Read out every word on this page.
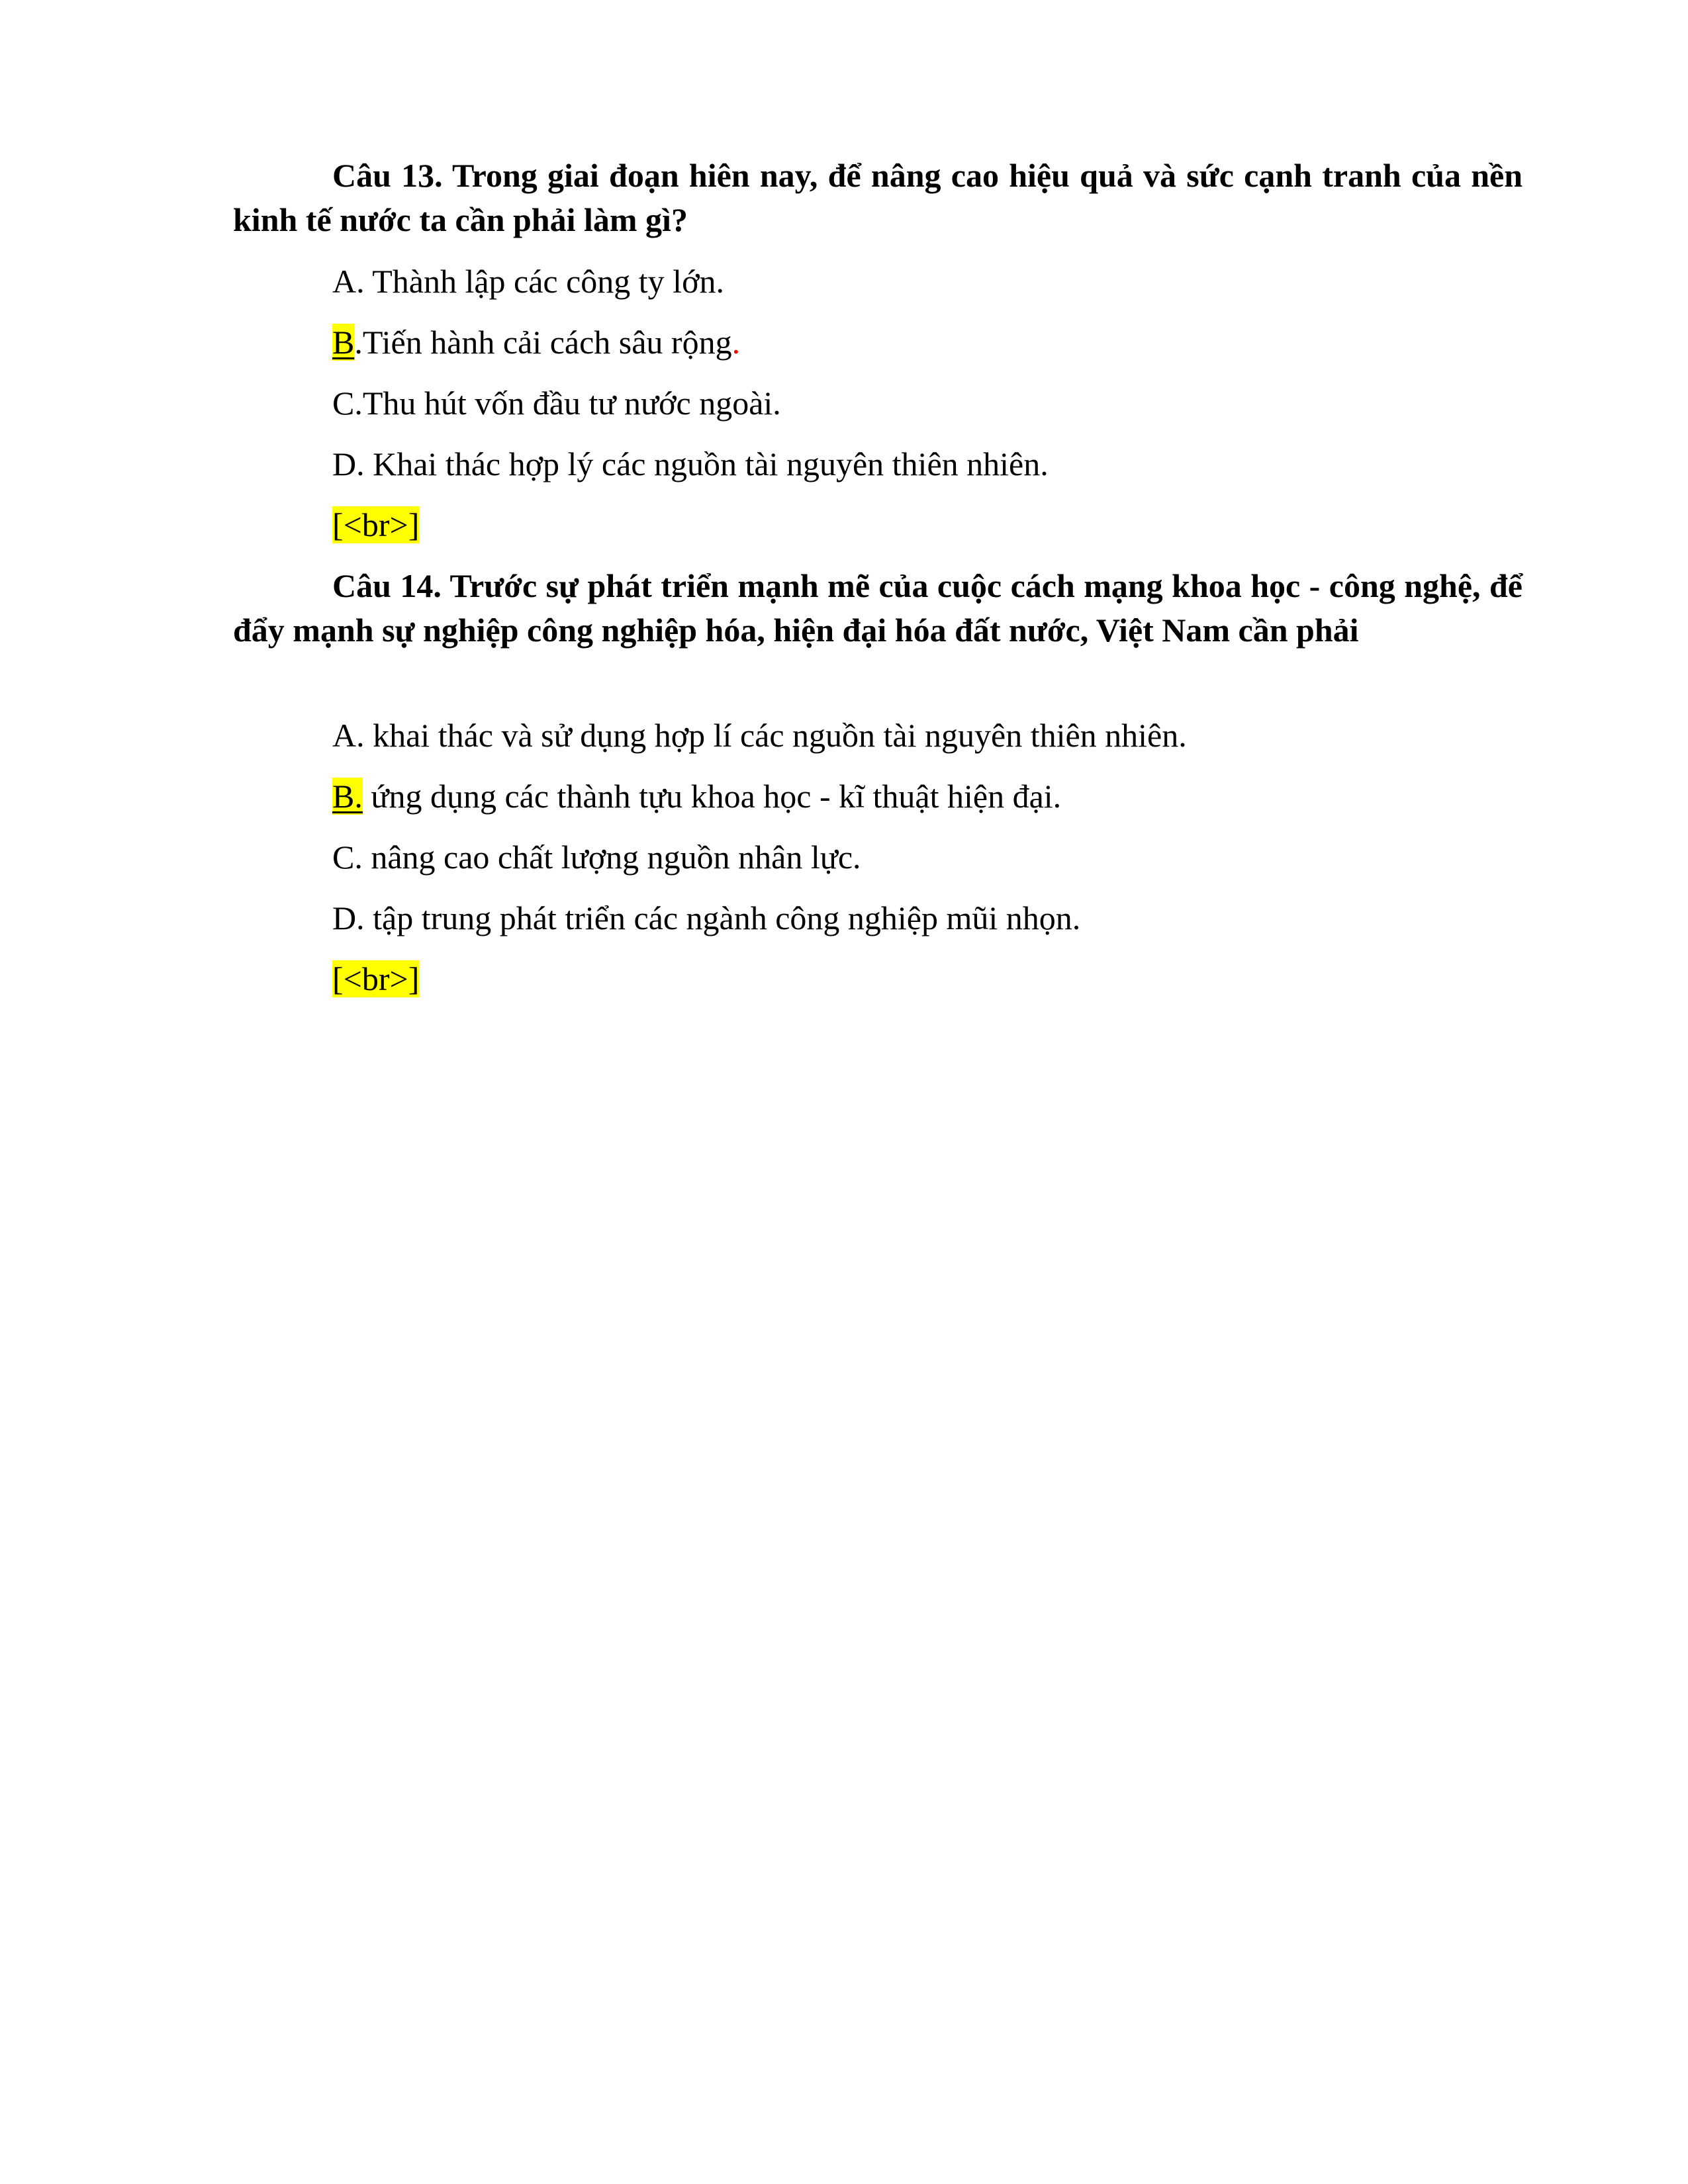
Câu 13. Trong giai đoạn hiên nay, để nâng cao hiệu quả và sức cạnh tranh của nền kinh tế nước ta cần phải làm gì?

A. Thành lập các công ty lớn.

B.Tiến hành cải cách sâu rộng.

C.Thu hút vốn đầu tư nước ngoài.

D. Khai thác hợp lý các nguồn tài nguyên thiên nhiên.

[<br>]

Câu 14. Trước sự phát triển mạnh mẽ của cuộc cách mạng khoa học - công nghệ, để đẩy mạnh sự nghiệp công nghiệp hóa, hiện đại hóa đất nước, Việt Nam cần phải

A. khai thác và sử dụng hợp lí các nguồn tài nguyên thiên nhiên.

B. ứng dụng các thành tựu khoa học - kĩ thuật hiện đại.

C. nâng cao chất lượng nguồn nhân lực.

D. tập trung phát triển các ngành công nghiệp mũi nhọn.

[<br>]
